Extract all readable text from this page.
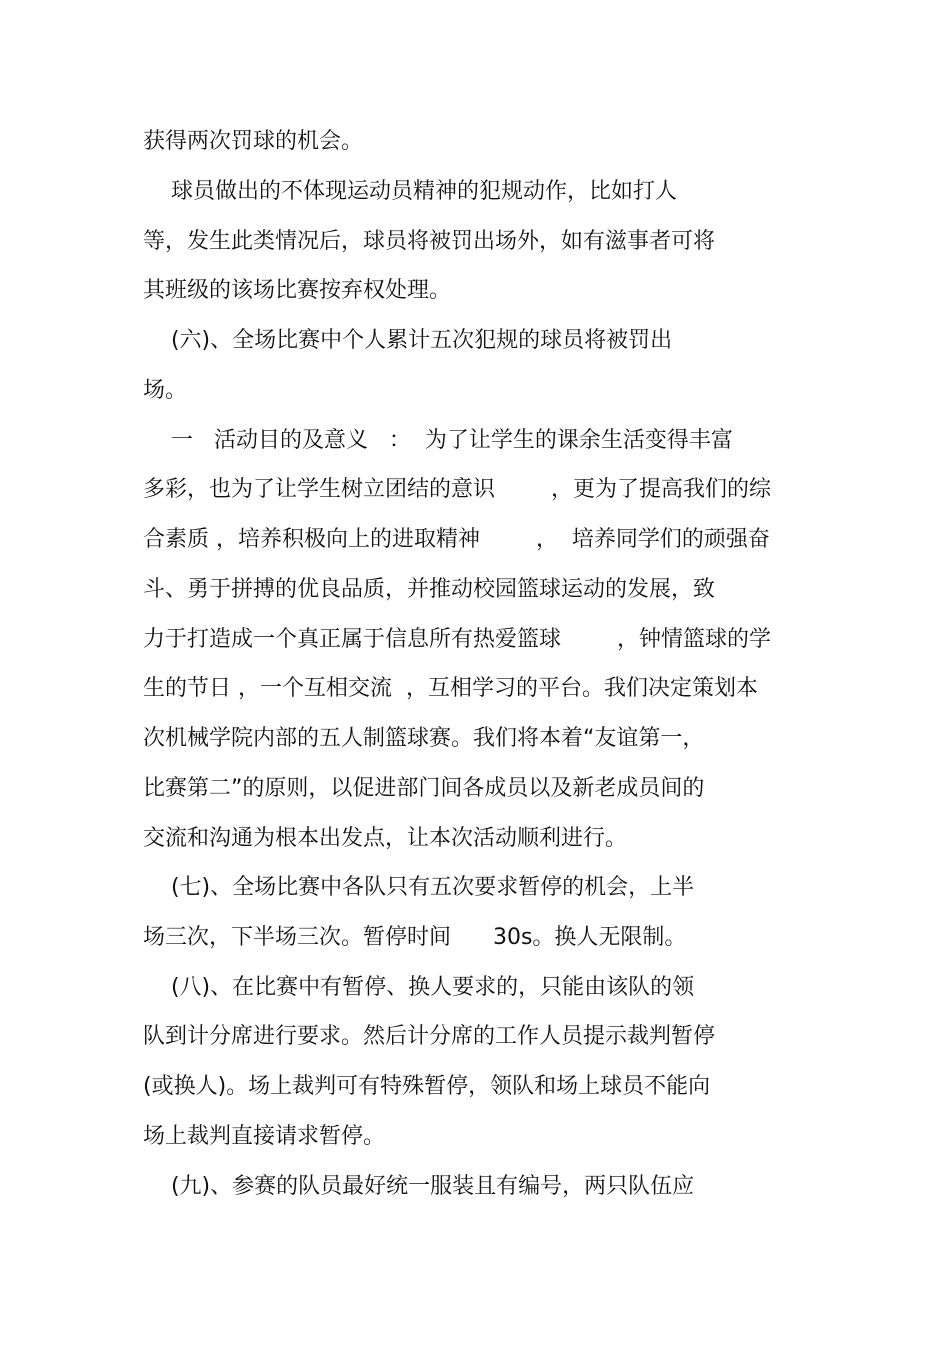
获得两次罚球的机会。
球员做出的不体现运动员精神的犯规动作，比如打人
等，发生此类情况后，球员将被罚出场外，如有滋事者可将
其班级的该场比赛按弃权处理。
(六)、全场比赛中个人累计五次犯规的球员将被罚出
场。
一   活动目的及意义   ：  为了让学生的课余生活变得丰富
多彩，也为了让学生树立团结的意识        ，更为了提高我们的综
合素质 ，培养积极向上的进取精神        ，  培养同学们的顽强奋
斗、勇于拼搏的优良品质，并推动校园篮球运动的发展，致
力于打造成一个真正属于信息所有热爱篮球        ，钟情篮球的学
生的节日 ，一个互相交流  ，互相学习的平台。我们决定策划本
次机械学院内部的五人制篮球赛。我们将本着“友谊第一，
比赛第二”的原则，以促进部门间各成员以及新老成员间的
交流和沟通为根本出发点，让本次活动顺利进行。
(七)、全场比赛中各队只有五次要求暂停的机会，上半
场三次，下半场三次。暂停时间      30s。换人无限制。
(八)、在比赛中有暂停、换人要求的，只能由该队的领
队到计分席进行要求。然后计分席的工作人员提示裁判暂停
(或换人)。场上裁判可有特殊暂停，领队和场上球员不能向
场上裁判直接请求暂停。
(九)、参赛的队员最好统一服装且有编号，两只队伍应
